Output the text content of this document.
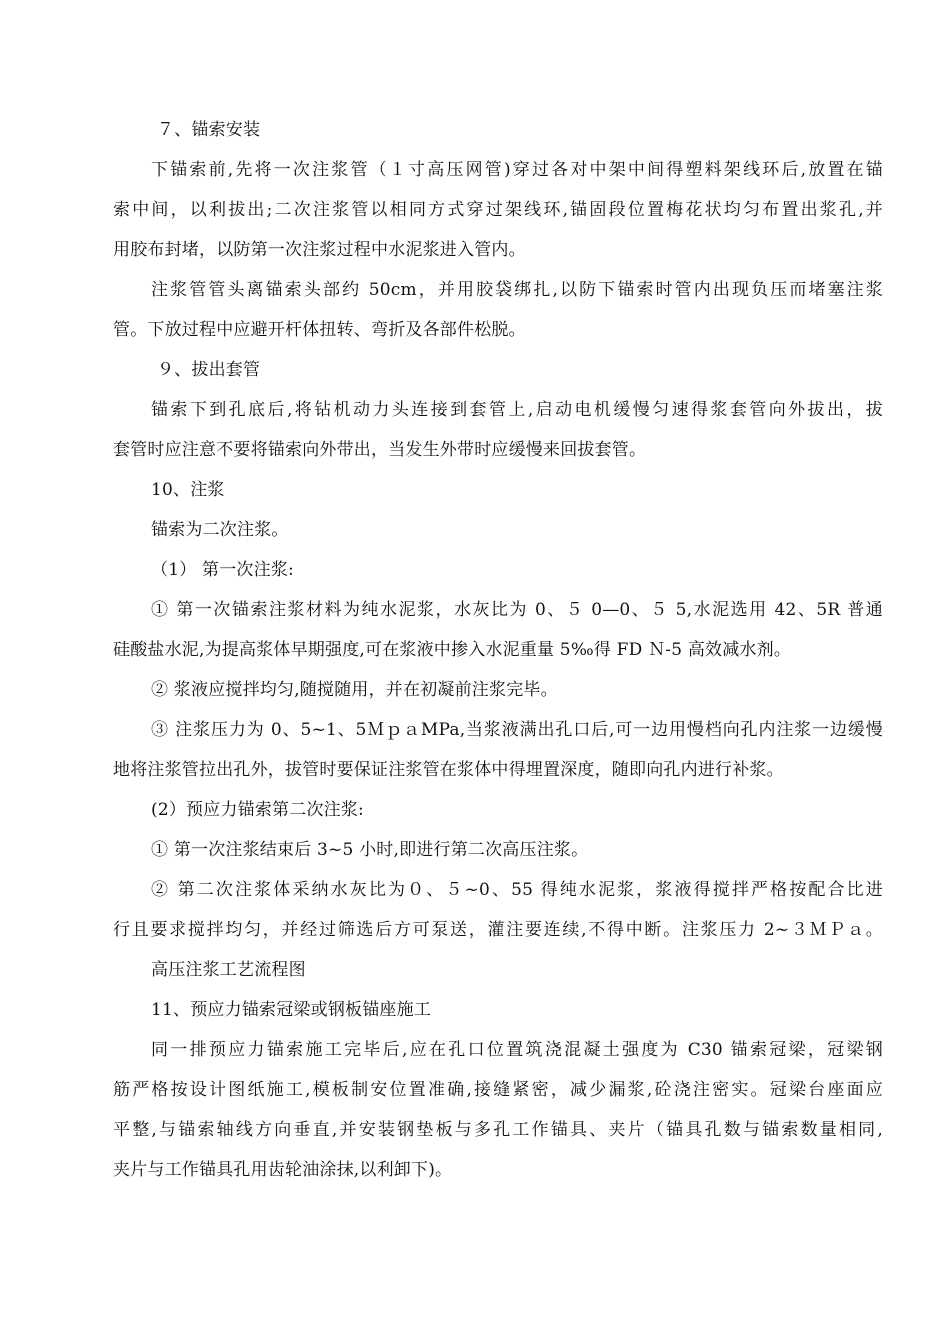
７、锚索安装
下锚索前,先将一次注浆管（１寸高压网管)穿过各对中架中间得塑料架线环后,放置在锚
索中间，以利拔出;二次注浆管以相同方式穿过架线环,锚固段位置梅花状均匀布置出浆孔,并
用胶布封堵，以防第一次注浆过程中水泥浆进入管内。
注浆管管头离锚索头部约 50cm，并用胶袋绑扎,以防下锚索时管内出现负压而堵塞注浆
管。下放过程中应避开杆体扭转、弯折及各部件松脱。
９、拔出套管
锚索下到孔底后,将钻机动力头连接到套管上,启动电机缓慢匀速得浆套管向外拔出，拔
套管时应注意不要将锚索向外带出，当发生外带时应缓慢来回拔套管。
10、注浆
锚索为二次注浆。
（1） 第一次注浆:
① 第一次锚索注浆材料为纯水泥浆，水灰比为 0、５ 0—0、５ 5,水泥选用 42、5R 普通
硅酸盐水泥,为提高浆体早期强度,可在浆液中掺入水泥重量 5‰得 FD Ｎ-5 高效减水剂。
② 浆液应搅拌均匀,随搅随用，并在初凝前注浆完毕。
③ 注浆压力为 0、5~1、5ＭｐａMPa,当浆液满出孔口后,可一边用慢档向孔内注浆一边缓慢
地将注浆管拉出孔外，拔管时要保证注浆管在浆体中得埋置深度，随即向孔内进行补浆。
(2）预应力锚索第二次注浆:
① 第一次注浆结束后 3~5 小时,即进行第二次高压注浆。
② 第二次注浆体采纳水灰比为０、５~0、55 得纯水泥浆，浆液得搅拌严格按配合比进
行且要求搅拌均匀，并经过筛选后方可泵送，灌注要连续,不得中断。注浆压力 2~３ＭＰａ。
高压注浆工艺流程图
11、预应力锚索冠梁或钢板锚座施工
同一排预应力锚索施工完毕后,应在孔口位置筑浇混凝土强度为 C30 锚索冠梁，冠梁钢
筋严格按设计图纸施工,模板制安位置准确,接缝紧密，减少漏浆,砼浇注密实。冠梁台座面应
平整,与锚索轴线方向垂直,并安装钢垫板与多孔工作锚具、夹片（锚具孔数与锚索数量相同,
夹片与工作锚具孔用齿轮油涂抹,以利卸下)。
